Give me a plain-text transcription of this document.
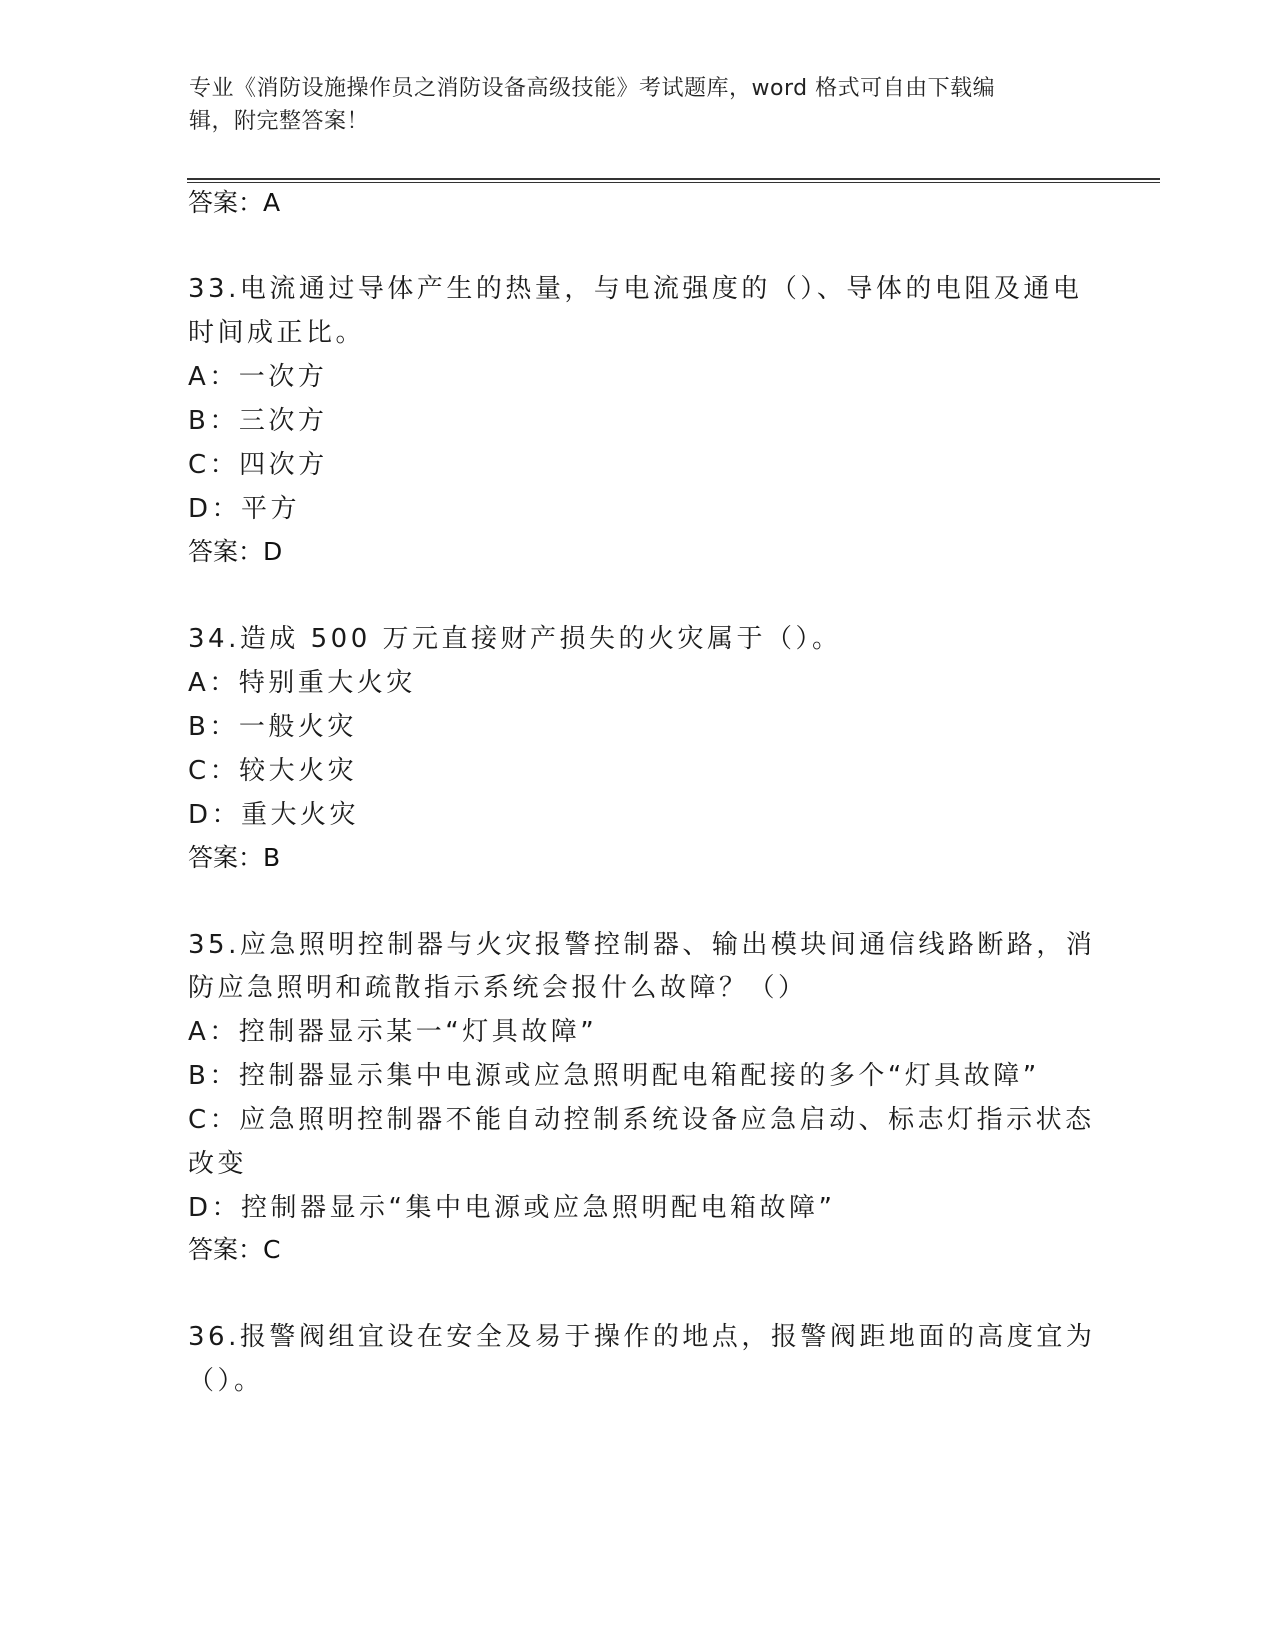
专业《消防设施操作员之消防设备高级技能》考试题库，word 格式可自由下载编
辑，附完整答案！
答案：A
33.电流通过导体产生的热量，与电流强度的（）、导体的电阻及通电
时间成正比。
A：一次方
B：三次方
C：四次方
D：平方
答案：D
34.造成 500 万元直接财产损失的火灾属于（）。
A：特别重大火灾
B：一般火灾
C：较大火灾
D：重大火灾
答案：B
35.应急照明控制器与火灾报警控制器、输出模块间通信线路断路，消
防应急照明和疏散指示系统会报什么故障？（）
A：控制器显示某一“灯具故障”
B：控制器显示集中电源或应急照明配电箱配接的多个“灯具故障”
C：应急照明控制器不能自动控制系统设备应急启动、标志灯指示状态
改变
D：控制器显示“集中电源或应急照明配电箱故障”
答案：C
36.报警阀组宜设在安全及易于操作的地点，报警阀距地面的高度宜为
（）。
